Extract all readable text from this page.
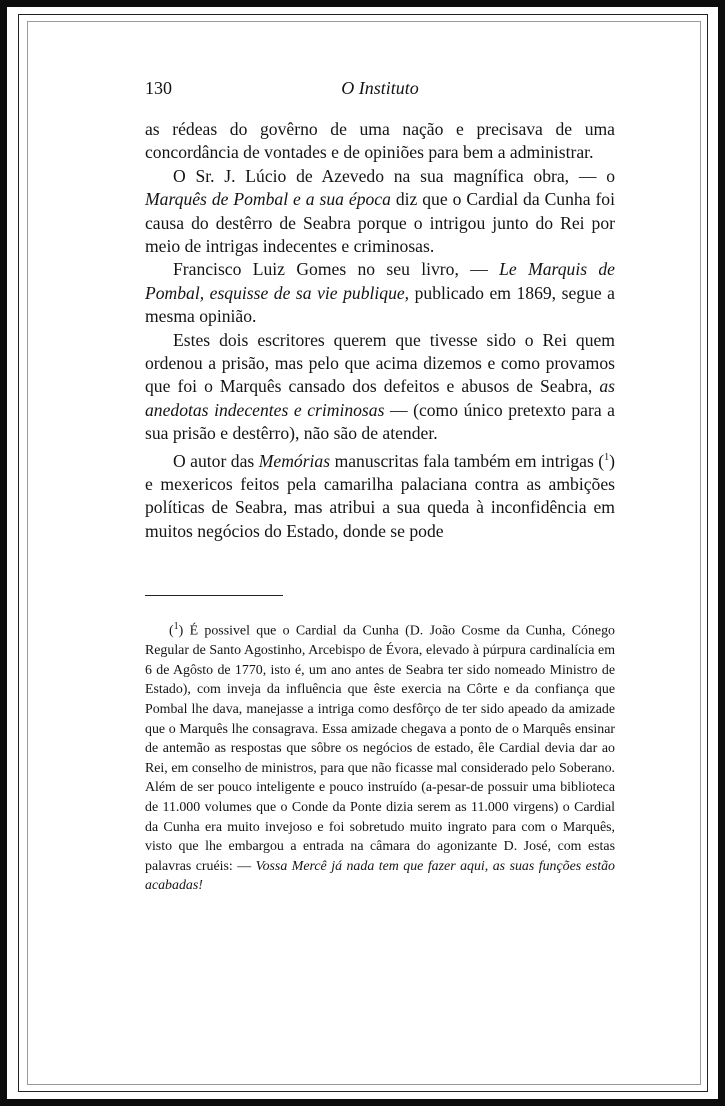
130	O Instituto

as rédeas do govêrno de uma nação e precisava de uma concordância de vontades e de opiniões para bem a administrar.

O Sr. J. Lúcio de Azevedo na sua magnífica obra, — o Marquês de Pombal e a sua época diz que o Cardial da Cunha foi causa do destêrro de Seabra porque o intrigou junto do Rei por meio de intrigas indecentes e criminosas.

Francisco Luiz Gomes no seu livro, — Le Marquis de Pombal, esquisse de sa vie publique, publicado em 1869, segue a mesma opinião.

Estes dois escritores querem que tivesse sido o Rei quem ordenou a prisão, mas pelo que acima dizemos e como provamos que foi o Marquês cansado dos defeitos e abusos de Seabra, as anedotas indecentes e criminosas — (como único pretexto para a sua prisão e destêrro), não são de atender.

O autor das Memórias manuscritas fala também em intrigas ($^1$) e mexericos feitos pela camarilha palaciana contra as ambições políticas de Seabra, mas atribui a sua queda à inconfidência em muitos negócios do Estado, donde se pode

($^1$) É possivel que o Cardial da Cunha (D. João Cosme da Cunha, Cónego Regular de Santo Agostinho, Arcebispo de Évora, elevado à púrpura cardinalícia em 6 de Agôsto de 1770, isto é, um ano antes de Seabra ter sido nomeado Ministro de Estado), com inveja da influência que êste exercia na Côrte e da confiança que Pombal lhe dava, manejasse a intriga como desfôrço de ter sido apeado da amizade que o Marquês lhe consagrava. Essa amizade chegava a ponto de o Marquês ensinar de antemão as respostas que sôbre os negócios de estado, êle Cardial devia dar ao Rei, em conselho de ministros, para que não ficasse mal considerado pelo Soberano. Além de ser pouco inteligente e pouco instruído (a-pesar-de possuir uma biblioteca de 11.000 volumes que o Conde da Ponte dizia serem as 11.000 virgens) o Cardial da Cunha era muito invejoso e foi sobretudo muito ingrato para com o Marquês, visto que lhe embargou a entrada na câmara do agonizante D. José, com estas palavras cruéis: — Vossa Mercê já nada tem que fazer aqui, as suas funções estão acabadas!
